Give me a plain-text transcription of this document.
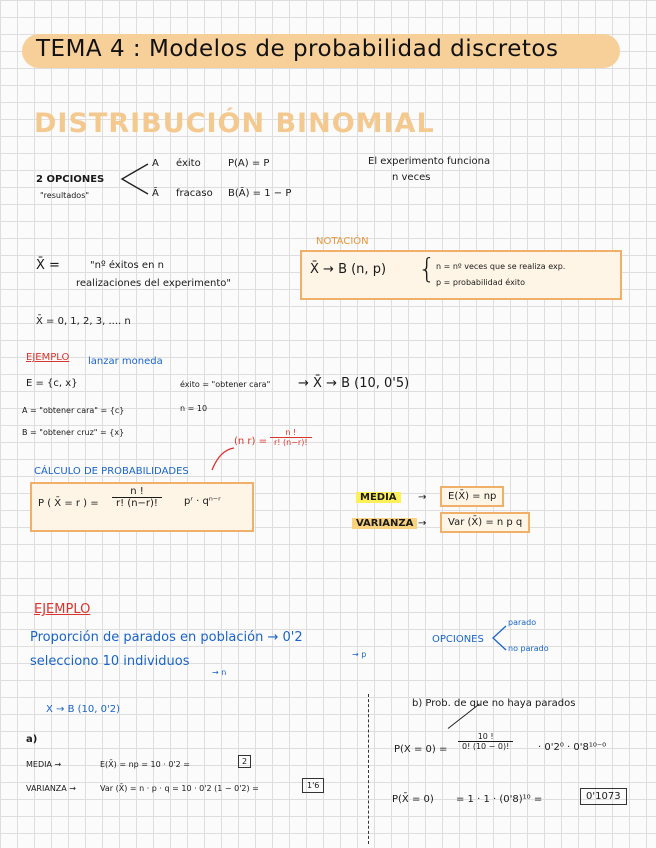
TEMA 4 : Modelos de probabilidad discretos
DISTRIBUCIÓN BINOMIAL
2 OPCIONES
"resultados"
A éxito	P(A) = P
Ā fracaso B(Ā) = 1 − P
El experimento funciona
n veces
X̄ =	"nº éxitos en n
realizaciones del experimento"
X̄ = 0, 1, 2, 3, .... n
NOTACIÓN
X̄ → B (n, p) { n = nº veces que se realiza exp.
p = probabilidad éxito
EJEMPLO lanzar moneda
E = {c, x}
A = "obtener cara" = {c}
B = "obtener cruz" = {x}
éxito = "obtener cara"
n = 10
→ X̄ → B (10, 0'5)
(n $r) = \frac{n !}{r! (n-r)!}$
CÁLCULO DE PROBABILIDADES
P ( X̄ = r ) = $\frac{n !}{r! (n-r)!}$ pʳ · qⁿ⁻ʳ	MEDIA	→	E(X̄) = np
VARIANZA →	Var (X̄) = n p q
EJEMPLO
Proporción de parados en población → 0'2
→ p
selecciono 10 individuos
→ n
OPCIONES
parado
no parado
X → B (10, 0'2)
a)
MEDIA →	E(X̄) = np = 10 · 0'2 =	2
VARIANZA →	Var (X̄) = n · p · q = 10 · 0'2 (1 − 0'2) =	1'6
b) Prob. de que no haya parados
$P(X = 0) = \frac{10 !}{0! (10 - 0)!} \cdot 0'2^0 \cdot 0'8^{10-0}$
P(X̄ = 0) = 1 · 1 · (0'8)¹⁰ =	0'1073
